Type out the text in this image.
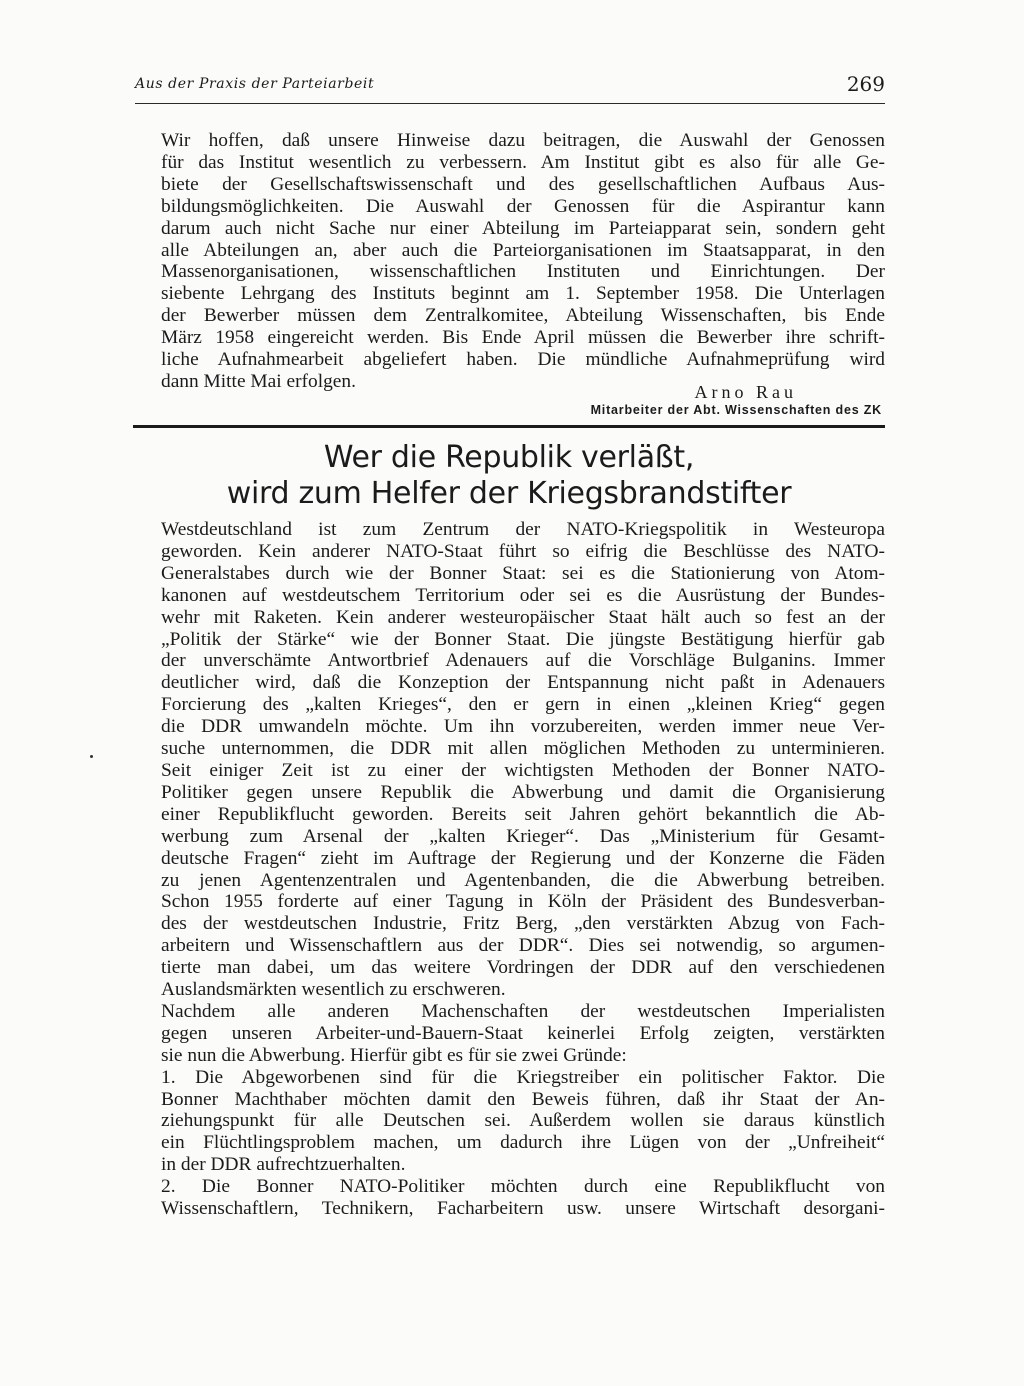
Aus der Praxis der Parteiarbeit	269

Wir hoffen, daß unsere Hinweise dazu beitragen, die Auswahl der Genossen
für das Institut wesentlich zu verbessern. Am Institut gibt es also für alle Ge-
biete der Gesellschaftswissenschaft und des gesellschaftlichen Aufbaus Aus-
bildungsmöglichkeiten. Die Auswahl der Genossen für die Aspirantur kann
darum auch nicht Sache nur einer Abteilung im Parteiapparat sein, sondern geht
alle Abteilungen an, aber auch die Parteiorganisationen im Staatsapparat, in den
Massenorganisationen, wissenschaftlichen Instituten und Einrichtungen. Der
siebente Lehrgang des Instituts beginnt am 1. September 1958. Die Unterlagen
der Bewerber müssen dem Zentralkomitee, Abteilung Wissenschaften, bis Ende
März 1958 eingereicht werden. Bis Ende April müssen die Bewerber ihre schrift-
liche Aufnahmearbeit abgeliefert haben. Die mündliche Aufnahmeprüfung wird
dann Mitte Mai erfolgen.

Arno Rau
Mitarbeiter der Abt. Wissenschaften des ZK
Wer die Republik verläßt,
wird zum Helfer der Kriegsbrandstifter

Westdeutschland ist zum Zentrum der NATO-Kriegspolitik in Westeuropa
geworden. Kein anderer NATO-Staat führt so eifrig die Beschlüsse des NATO-
Generalstabes durch wie der Bonner Staat: sei es die Stationierung von Atom-
kanonen auf westdeutschem Territorium oder sei es die Ausrüstung der Bundes-
wehr mit Raketen. Kein anderer westeuropäischer Staat hält auch so fest an der
„Politik der Stärke“ wie der Bonner Staat. Die jüngste Bestätigung hierfür gab
der unverschämte Antwortbrief Adenauers auf die Vorschläge Bulganins. Immer
deutlicher wird, daß die Konzeption der Entspannung nicht paßt in Adenauers
Forcierung des „kalten Krieges“, den er gern in einen „kleinen Krieg“ gegen
die DDR umwandeln möchte. Um ihn vorzubereiten, werden immer neue Ver-
suche unternommen, die DDR mit allen möglichen Methoden zu unterminieren.

Seit einiger Zeit ist zu einer der wichtigsten Methoden der Bonner NATO-
Politiker gegen unsere Republik die Abwerbung und damit die Organisierung
einer Republikflucht geworden. Bereits seit Jahren gehört bekanntlich die Ab-
werbung zum Arsenal der „kalten Krieger“. Das „Ministerium für Gesamt-
deutsche Fragen“ zieht im Auftrage der Regierung und der Konzerne die Fäden
zu jenen Agentenzentralen und Agentenbanden, die die Abwerbung betreiben.
Schon 1955 forderte auf einer Tagung in Köln der Präsident des Bundesverban-
des der westdeutschen Industrie, Fritz Berg, „den verstärkten Abzug von Fach-
arbeitern und Wissenschaftlern aus der DDR“. Dies sei notwendig, so argumen-
tierte man dabei, um das weitere Vordringen der DDR auf den verschiedenen
Auslandsmärkten wesentlich zu erschweren.

Nachdem alle anderen Machenschaften der westdeutschen Imperialisten
gegen unseren Arbeiter-und-Bauern-Staat keinerlei Erfolg zeigten, verstärkten
sie nun die Abwerbung. Hierfür gibt es für sie zwei Gründe:

1. Die Abgeworbenen sind für die Kriegstreiber ein politischer Faktor. Die
Bonner Machthaber möchten damit den Beweis führen, daß ihr Staat der An-
ziehungspunkt für alle Deutschen sei. Außerdem wollen sie daraus künstlich
ein Flüchtlingsproblem machen, um dadurch ihre Lügen von der „Unfreiheit“
in der DDR aufrechtzuerhalten.

2. Die Bonner NATO-Politiker möchten durch eine Republikflucht von
Wissenschaftlern, Technikern, Facharbeitern usw. unsere Wirtschaft desorgani-
